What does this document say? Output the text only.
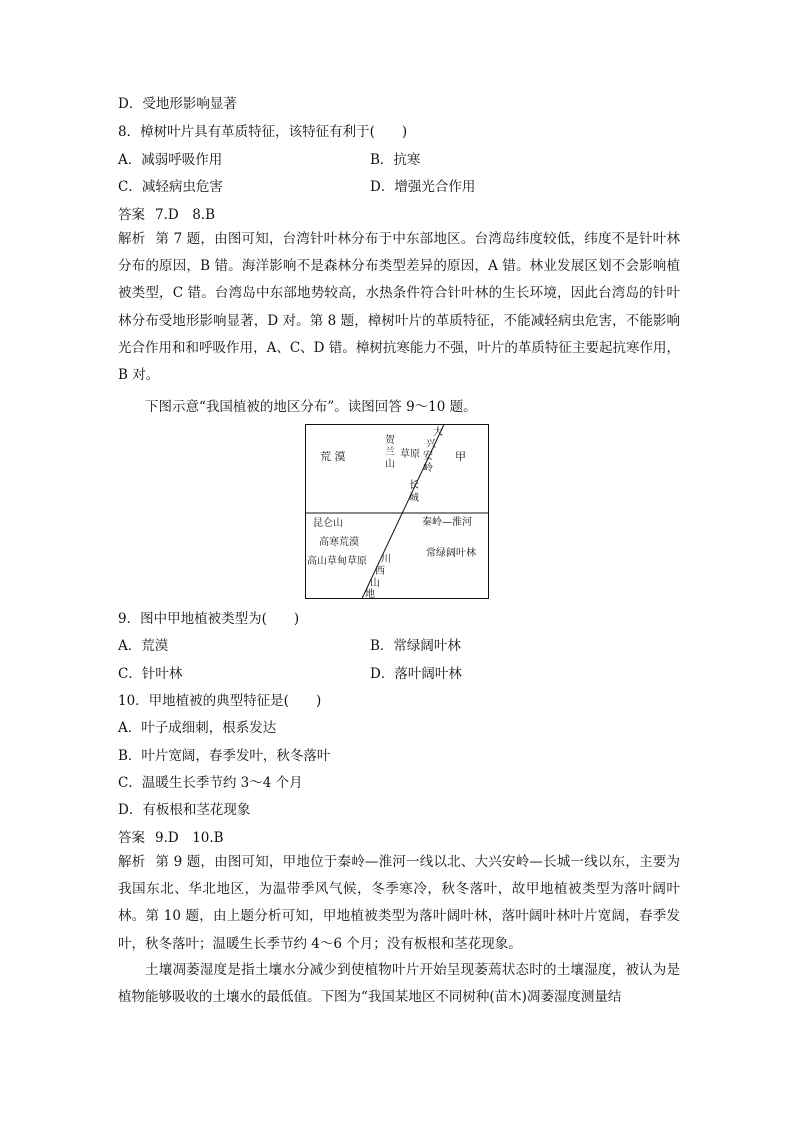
D．受地形影响显著
8．樟树叶片具有革质特征，该特征有利于(　　)
A．减弱呼吸作用	B．抗寒
C．减轻病虫危害	D．增强光合作用
答案 7.D　8.B
解析 第 7 题，由图可知，台湾针叶林分布于中东部地区。台湾岛纬度较低，纬度不是针叶林分布的原因，B 错。海洋影响不是森林分布类型差异的原因，A 错。林业发展区划不会影响植被类型，C 错。台湾岛中东部地势较高，水热条件符合针叶林的生长环境，因此台湾岛的针叶林分布受地形影响显著，D 对。第 8 题，樟树叶片的革质特征，不能减轻病虫危害，不能影响光合作用和和呼吸作用，A、C、D 错。樟树抗寒能力不强，叶片的革质特征主要起抗寒作用，B 对。
下图示意“我国植被的地区分布”。读图回答 9～10 题。
荒 漠
贺
兰
山
草原
大
兴
安
岭
甲
长
城
昆仑山	秦岭—淮河
高寒荒漠
常绿阔叶林
高山草甸草原 川
西
山
地
9．图中甲地植被类型为(　　)
A．荒漠	B．常绿阔叶林
C．针叶林	D．落叶阔叶林
10．甲地植被的典型特征是(　　)
A．叶子成细刺，根系发达
B．叶片宽阔，春季发叶，秋冬落叶
C．温暖生长季节约 3～4 个月
D．有板根和茎花现象
答案 9.D　10.B
解析 第 9 题，由图可知，甲地位于秦岭—淮河一线以北、大兴安岭—长城一线以东，主要为我国东北、华北地区，为温带季风气候，冬季寒冷，秋冬落叶，故甲地植被类型为落叶阔叶林。第 10 题，由上题分析可知，甲地植被类型为落叶阔叶林，落叶阔叶林叶片宽阔，春季发叶，秋冬落叶；温暖生长季节约 4～6 个月；没有板根和茎花现象。
土壤凋萎湿度是指土壤水分减少到使植物叶片开始呈现萎蔫状态时的土壤湿度，被认为是植物能够吸收的土壤水的最低值。下图为“我国某地区不同树种(苗木)凋萎湿度测量结
